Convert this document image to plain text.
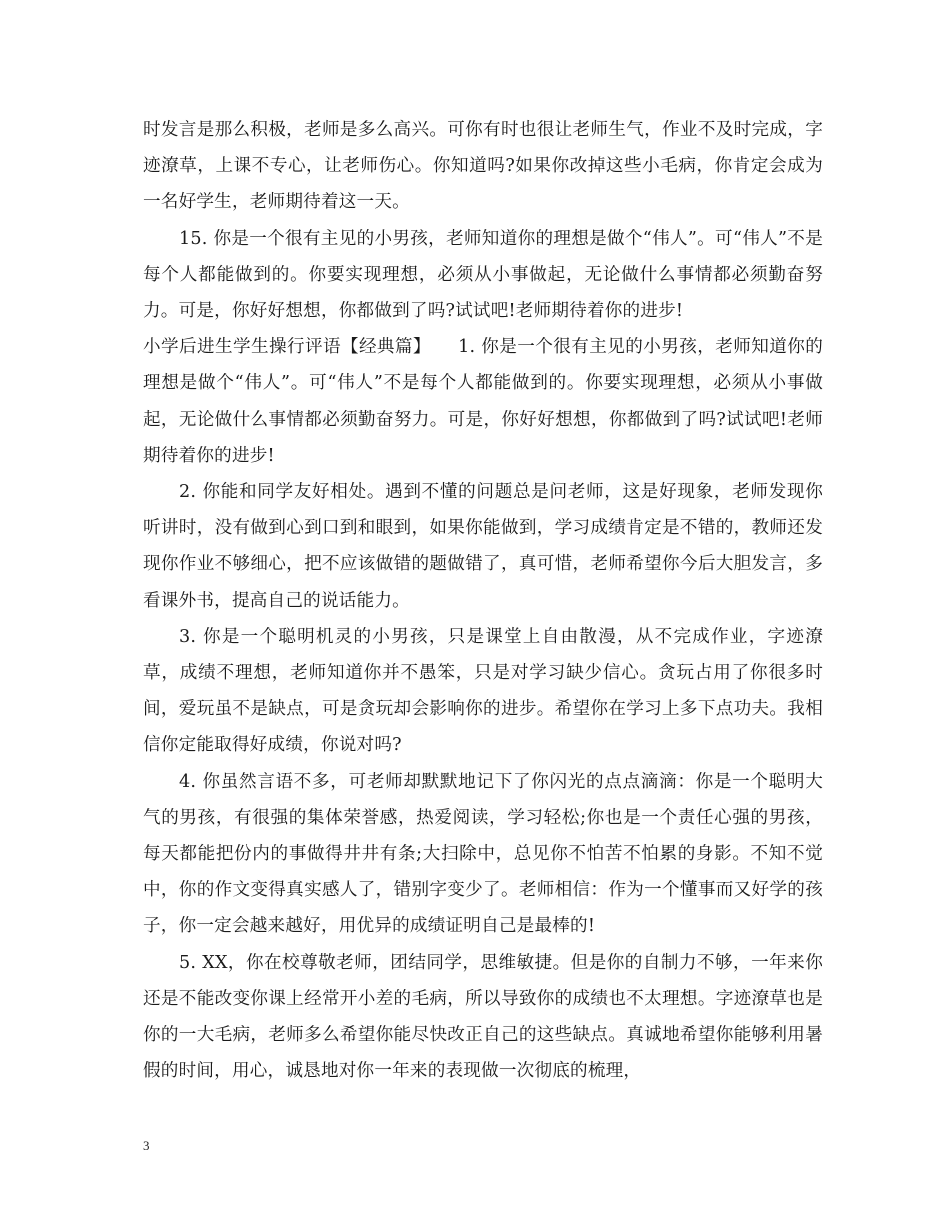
时发言是那么积极，老师是多么高兴。可你有时也很让老师生气，作业不及时完成，字迹潦草，上课不专心，让老师伤心。你知道吗?如果你改掉这些小毛病，你肯定会成为一名好学生，老师期待着这一天。

15. 你是一个很有主见的小男孩，老师知道你的理想是做个“伟人”。可“伟人”不是每个人都能做到的。你要实现理想，必须从小事做起，无论做什么事情都必须勤奋努力。可是，你好好想想，你都做到了吗?试试吧!老师期待着你的进步!

小学后进生学生操行评语【经典篇】　　1. 你是一个很有主见的小男孩，老师知道你的理想是做个“伟人”。可“伟人”不是每个人都能做到的。你要实现理想，必须从小事做起，无论做什么事情都必须勤奋努力。可是，你好好想想，你都做到了吗?试试吧!老师期待着你的进步!

2. 你能和同学友好相处。遇到不懂的问题总是问老师，这是好现象，老师发现你听讲时，没有做到心到口到和眼到，如果你能做到，学习成绩肯定是不错的，教师还发现你作业不够细心，把不应该做错的题做错了，真可惜，老师希望你今后大胆发言，多看课外书，提高自己的说话能力。

3. 你是一个聪明机灵的小男孩，只是课堂上自由散漫，从不完成作业，字迹潦草，成绩不理想，老师知道你并不愚笨，只是对学习缺少信心。贪玩占用了你很多时间，爱玩虽不是缺点，可是贪玩却会影响你的进步。希望你在学习上多下点功夫。我相信你定能取得好成绩，你说对吗?

4. 你虽然言语不多，可老师却默默地记下了你闪光的点点滴滴：你是一个聪明大气的男孩，有很强的集体荣誉感，热爱阅读，学习轻松;你也是一个责任心强的男孩，每天都能把份内的事做得井井有条;大扫除中，总见你不怕苦不怕累的身影。不知不觉中，你的作文变得真实感人了，错别字变少了。老师相信：作为一个懂事而又好学的孩子，你一定会越来越好，用优异的成绩证明自己是最棒的!

5. XX，你在校尊敬老师，团结同学，思维敏捷。但是你的自制力不够，一年来你还是不能改变你课上经常开小差的毛病，所以导致你的成绩也不太理想。字迹潦草也是你的一大毛病，老师多么希望你能尽快改正自己的这些缺点。真诚地希望你能够利用暑假的时间，用心，诚恳地对你一年来的表现做一次彻底的梳理，

3
